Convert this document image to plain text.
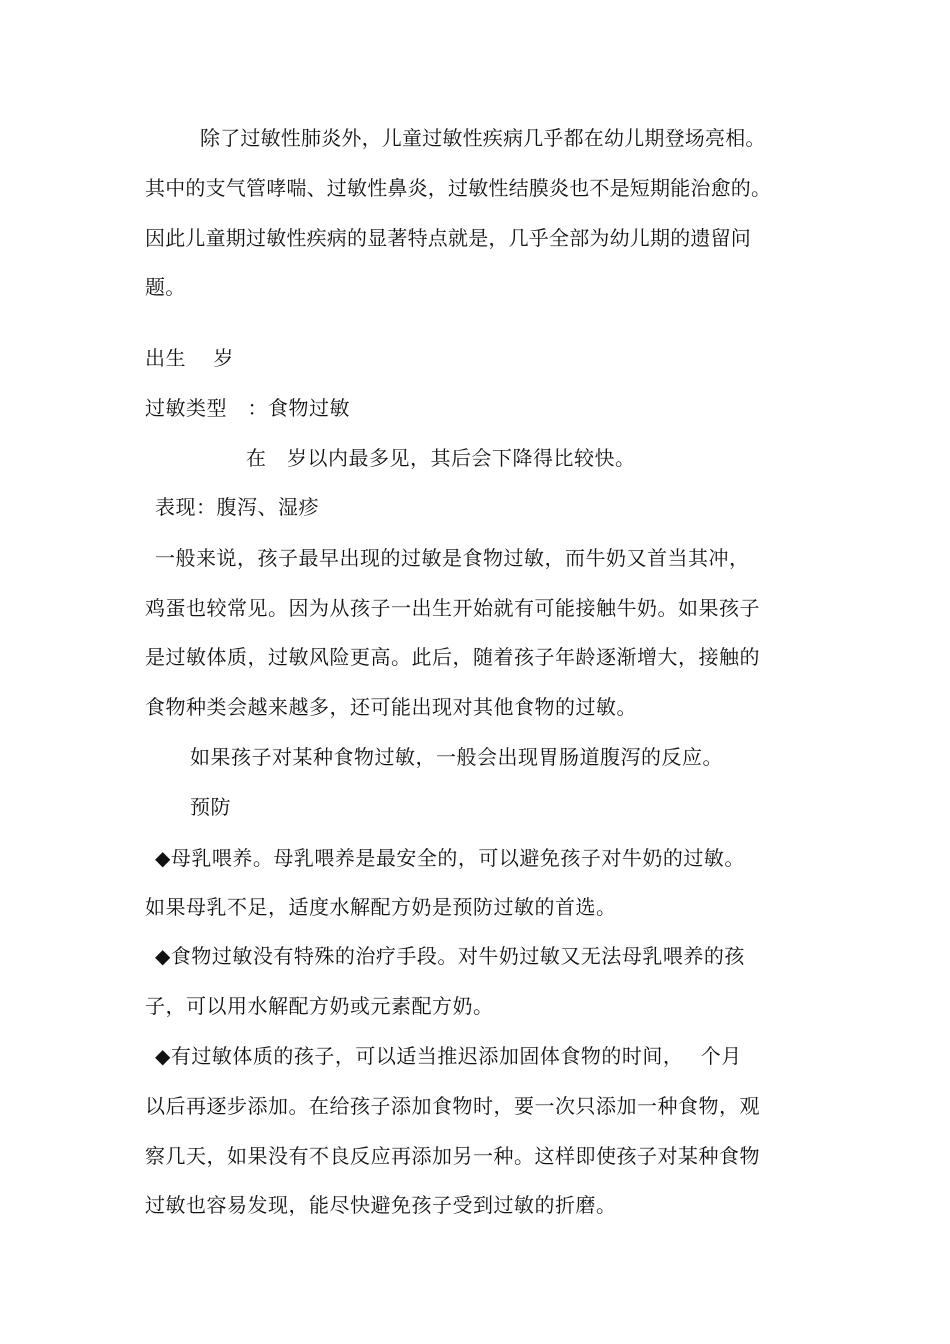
除了过敏性肺炎外，儿童过敏性疾病几乎都在幼儿期登场亮相。
其中的支气管哮喘、过敏性鼻炎，过敏性结膜炎也不是短期能治愈的。
因此儿童期过敏性疾病的显著特点就是，几乎全部为幼儿期的遗留问
题。
出生　 岁
过敏类型　：食物过敏
在　岁以内最多见，其后会下降得比较快。
表现：腹泻、湿疹
一般来说，孩子最早出现的过敏是食物过敏，而牛奶又首当其冲，
鸡蛋也较常见。因为从孩子一出生开始就有可能接触牛奶。如果孩子
是过敏体质，过敏风险更高。此后，随着孩子年龄逐渐增大，接触的
食物种类会越来越多，还可能出现对其他食物的过敏。
如果孩子对某种食物过敏，一般会出现胃肠道腹泻的反应。
预防
◆母乳喂养。母乳喂养是最安全的，可以避免孩子对牛奶的过敏。
如果母乳不足，适度水解配方奶是预防过敏的首选。
◆食物过敏没有特殊的治疗手段。对牛奶过敏又无法母乳喂养的孩
子，可以用水解配方奶或元素配方奶。
◆有过敏体质的孩子，可以适当推迟添加固体食物的时间，　 个月
以后再逐步添加。在给孩子添加食物时，要一次只添加一种食物，观
察几天，如果没有不良反应再添加另一种。这样即使孩子对某种食物
过敏也容易发现，能尽快避免孩子受到过敏的折磨。
